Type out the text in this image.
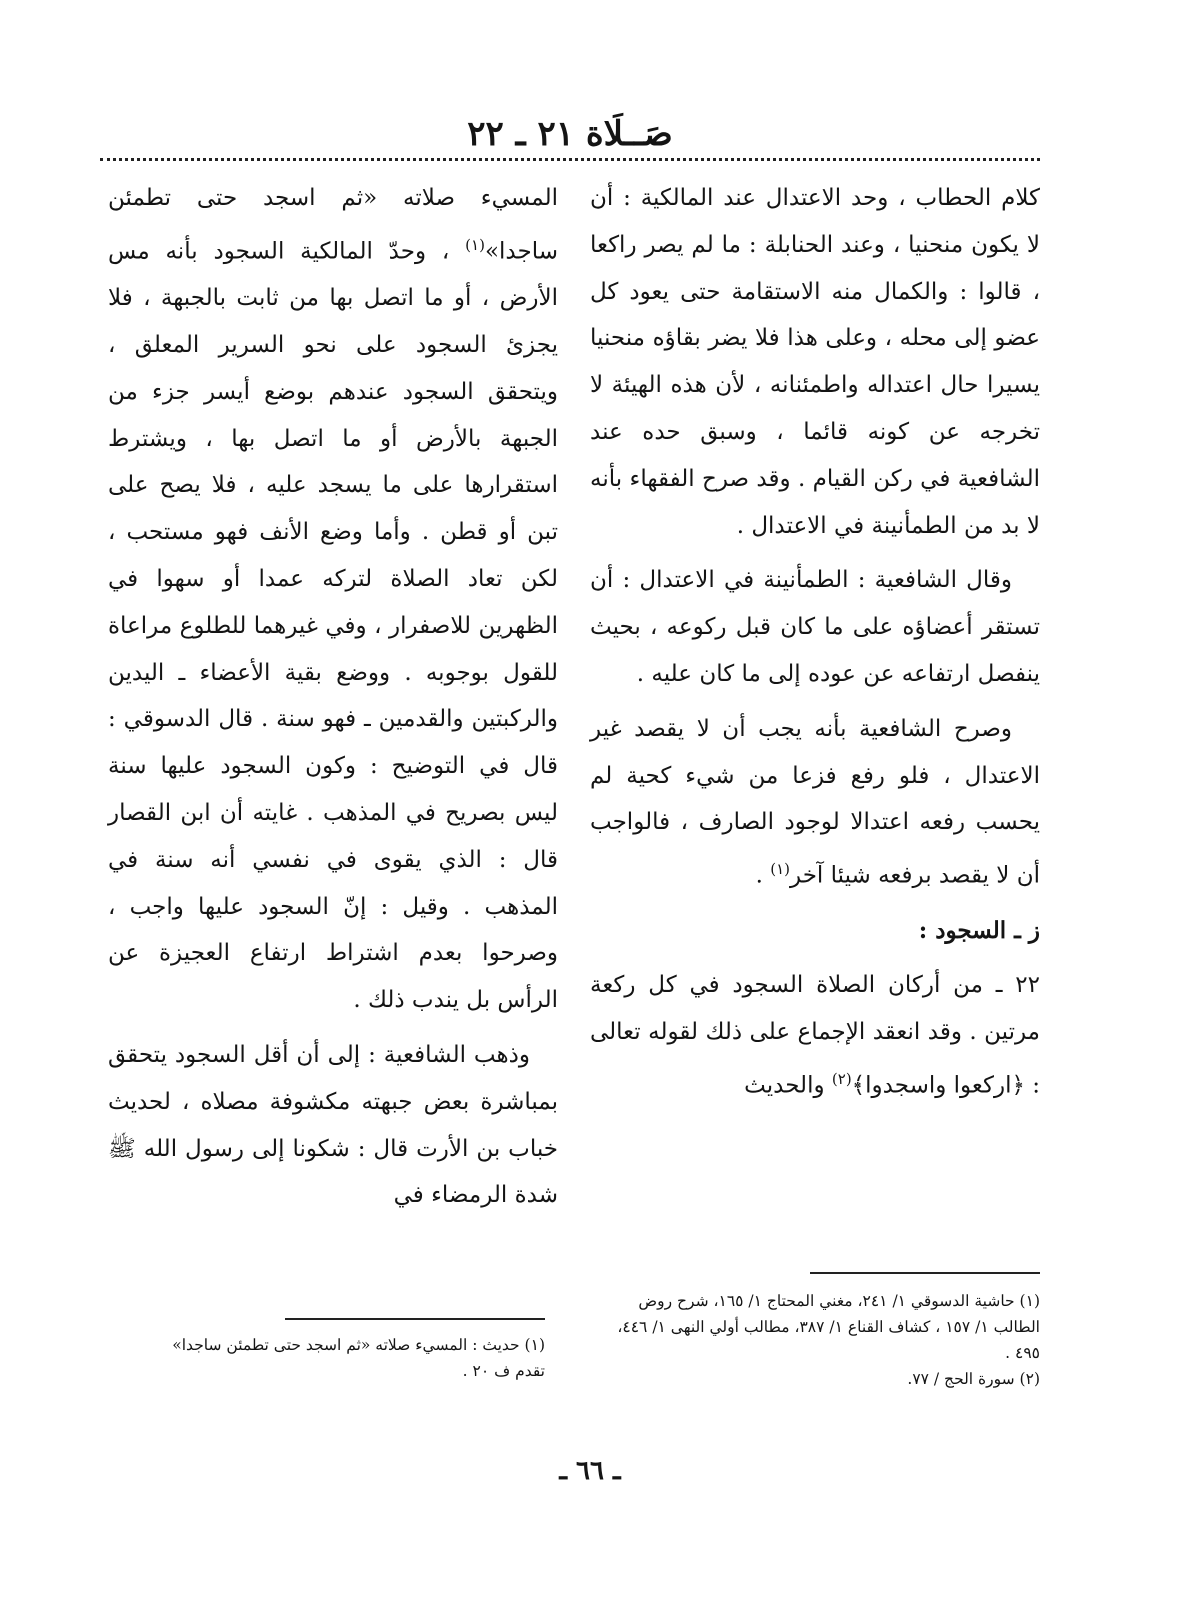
صَــلَاة ٢١ ـ ٢٢

كلام الحطاب ، وحد الاعتدال عند المالكية : أن لا يكون منحنيا ، وعند الحنابلة : ما لم يصر راكعا ، قالوا : والكمال منه الاستقامة حتى يعود كل عضو إلى محله ، وعلى هذا فلا يضر بقاؤه منحنيا يسيرا حال اعتداله واطمئنانه ، لأن هذه الهيئة لا تخرجه عن كونه قائما ، وسبق حده عند الشافعية في ركن القيام . وقد صرح الفقهاء بأنه لا بد من الطمأنينة في الاعتدال .

وقال الشافعية : الطمأنينة في الاعتدال : أن تستقر أعضاؤه على ما كان قبل ركوعه ، بحيث ينفصل ارتفاعه عن عوده إلى ما كان عليه .

وصرح الشافعية بأنه يجب أن لا يقصد غير الاعتدال ، فلو رفع فزعا من شيء كحية لم يحسب رفعه اعتدالا لوجود الصارف ، فالواجب أن لا يقصد برفعه شيئا آخر$^{(١)}$ .

ز ـ السجود :

٢٢ ـ من أركان الصلاة السجود في كل ركعة مرتين . وقد انعقد الإجماع على ذلك لقوله تعالى : ﴿اركعوا واسجدوا﴾$^{(٢)}$ والحديث

المسيء صلاته «ثم اسجد حتى تطمئن ساجدا»$^{(١)}$ ، وحدّ المالكية السجود بأنه مس الأرض ، أو ما اتصل بها من ثابت بالجبهة ، فلا يجزئ السجود على نحو السرير المعلق ، ويتحقق السجود عندهم بوضع أيسر جزء من الجبهة بالأرض أو ما اتصل بها ، ويشترط استقرارها على ما يسجد عليه ، فلا يصح على تبن أو قطن . وأما وضع الأنف فهو مستحب ، لكن تعاد الصلاة لتركه عمدا أو سهوا في الظهرين للاصفرار ، وفي غيرهما للطلوع مراعاة للقول بوجوبه . ووضع بقية الأعضاء ـ اليدين والركبتين والقدمين ـ فهو سنة . قال الدسوقي : قال في التوضيح : وكون السجود عليها سنة ليس بصريح في المذهب . غايته أن ابن القصار قال : الذي يقوى في نفسي أنه سنة في المذهب . وقيل : إنّ السجود عليها واجب ، وصرحوا بعدم اشتراط ارتفاع العجيزة عن الرأس بل يندب ذلك .

وذهب الشافعية : إلى أن أقل السجود يتحقق بمباشرة بعض جبهته مكشوفة مصلاه ، لحديث خباب بن الأرت قال : شكونا إلى رسول الله ﷺ شدة الرمضاء في

(١) حاشية الدسوقي ١/ ٢٤١، مغني المحتاج ١/ ١٦٥، شرح روض الطالب ١/ ١٥٧ ، كشاف القناع ١/ ٣٨٧، مطالب أولي النهى ١/ ٤٤٦، ٤٩٥ .
(٢) سورة الحج / ٧٧.
(١) حديث : المسيء صلاته «ثم اسجد حتى تطمئن ساجدا»
تقدم ف ٢٠ .
ـ ٦٦ ـ
